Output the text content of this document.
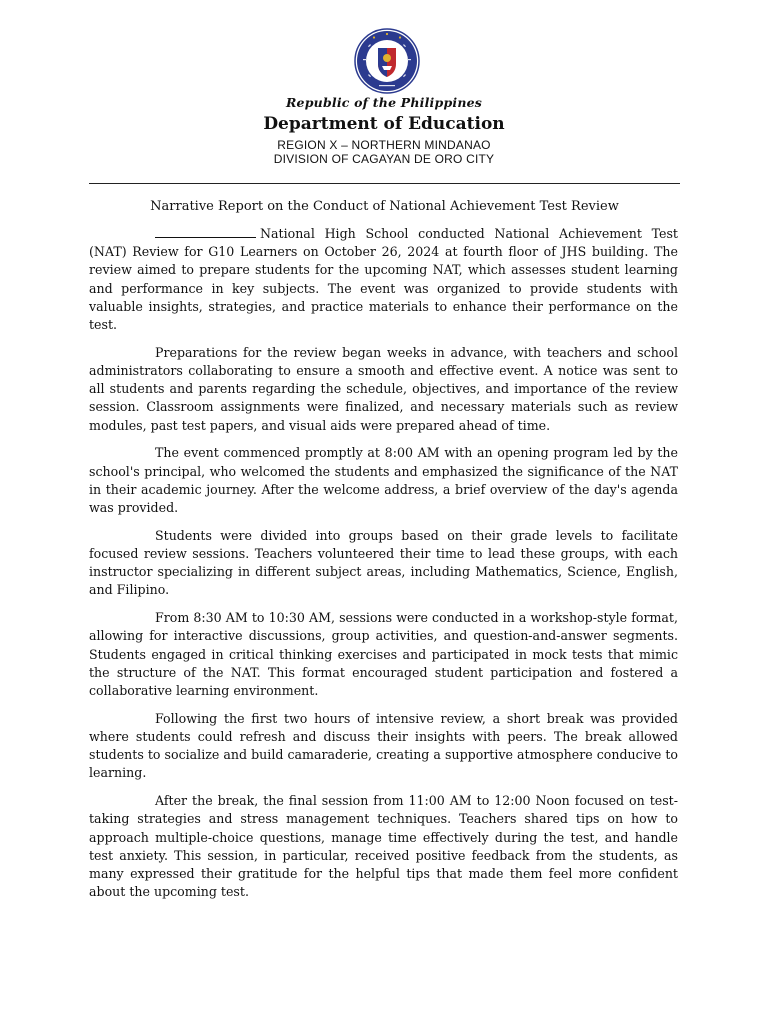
Republic of the Philippines
Department of Education
REGION X – NORTHERN MINDANAO
DIVISION OF CAGAYAN DE ORO CITY
Narrative Report on the Conduct of National Achievement Test Review

National High School conducted National Achievement Test (NAT) Review for G10 Learners on October 26, 2024 at fourth floor of JHS building. The review aimed to prepare students for the upcoming NAT, which assesses student learning and performance in key subjects. The event was organized to provide students with valuable insights, strategies, and practice materials to enhance their performance on the test.

Preparations for the review began weeks in advance, with teachers and school administrators collaborating to ensure a smooth and effective event. A notice was sent to all students and parents regarding the schedule, objectives, and importance of the review session. Classroom assignments were finalized, and necessary materials such as review modules, past test papers, and visual aids were prepared ahead of time.

The event commenced promptly at 8:00 AM with an opening program led by the school's principal, who welcomed the students and emphasized the significance of the NAT in their academic journey. After the welcome address, a brief overview of the day's agenda was provided.

Students were divided into groups based on their grade levels to facilitate focused review sessions. Teachers volunteered their time to lead these groups, with each instructor specializing in different subject areas, including Mathematics, Science, English, and Filipino.

From 8:30 AM to 10:30 AM, sessions were conducted in a workshop-style format, allowing for interactive discussions, group activities, and question-and-answer segments. Students engaged in critical thinking exercises and participated in mock tests that mimic the structure of the NAT. This format encouraged student participation and fostered a collaborative learning environment.

Following the first two hours of intensive review, a short break was provided where students could refresh and discuss their insights with peers. The break allowed students to socialize and build camaraderie, creating a supportive atmosphere conducive to learning.

After the break, the final session from 11:00 AM to 12:00 Noon focused on test-taking strategies and stress management techniques. Teachers shared tips on how to approach multiple-choice questions, manage time effectively during the test, and handle test anxiety. This session, in particular, received positive feedback from the students, as many expressed their gratitude for the helpful tips that made them feel more confident about the upcoming test.
